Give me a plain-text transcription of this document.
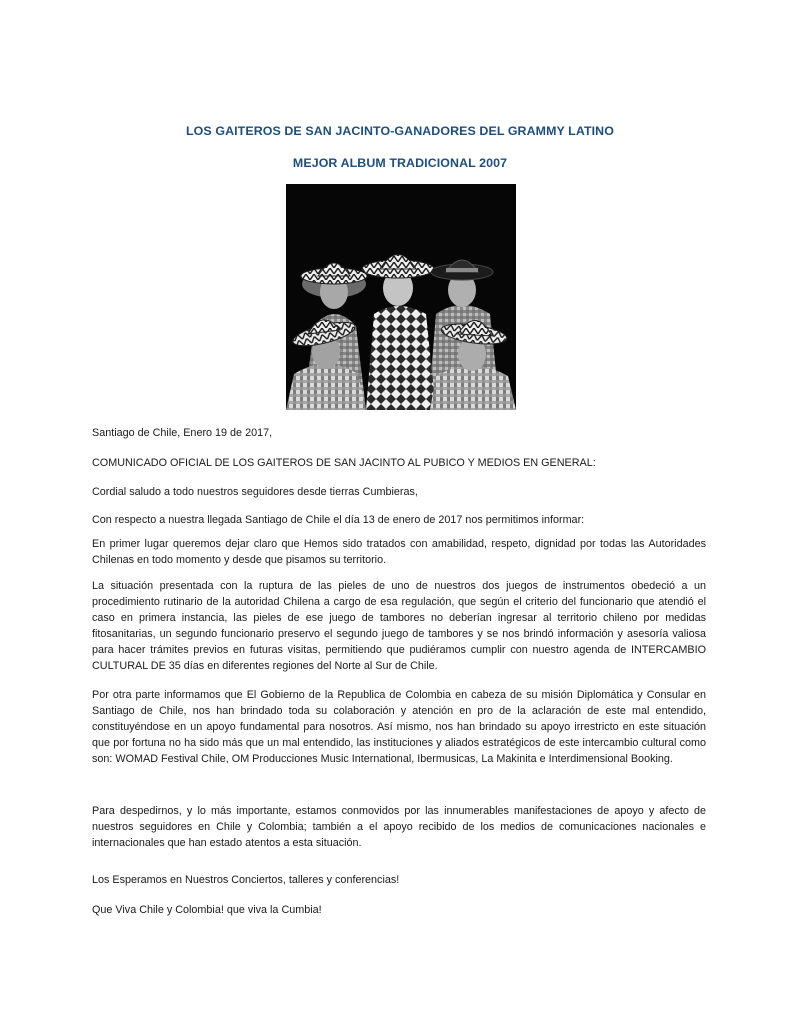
LOS GAITEROS DE SAN JACINTO-GANADORES DEL GRAMMY LATINO
MEJOR ALBUM TRADICIONAL 2007
Santiago de Chile, Enero 19 de 2017,
COMUNICADO OFICIAL DE LOS GAITEROS DE SAN JACINTO AL PUBICO Y MEDIOS EN GENERAL:
Cordial saludo a todo nuestros seguidores desde tierras Cumbieras,
Con respecto a nuestra llegada Santiago de Chile el día 13 de enero de 2017 nos permitimos informar:
En primer lugar queremos dejar claro que Hemos sido tratados con amabilidad, respeto, dignidad por todas las Autoridades Chilenas en todo momento y desde que pisamos su territorio.
La situación presentada con la ruptura de las pieles de uno de nuestros dos juegos de instrumentos obedeció a un procedimiento rutinario de la autoridad Chilena a cargo de esa regulación, que según el criterio del funcionario que atendió el caso en primera instancia, las pieles de ese juego de tambores no deberían ingresar al territorio chileno por medidas fitosanitarias, un segundo funcionario preservo el segundo juego de tambores y se nos brindó información y asesoría valiosa para hacer trámites previos en futuras visitas, permitiendo que pudiéramos cumplir con nuestro agenda de INTERCAMBIO CULTURAL DE 35 días en diferentes regiones del Norte al Sur de Chile.
Por otra parte informamos que El Gobierno de la Republica de Colombia en cabeza de su misión Diplomática y Consular en Santiago de Chile, nos han brindado toda su colaboración y atención en pro de la aclaración de este mal entendido, constituyéndose en un apoyo fundamental para nosotros. Así mismo, nos han brindado su apoyo irrestricto en este situación que por fortuna no ha sido más que un mal entendido, las instituciones y aliados estratégicos de este intercambio cultural como son: WOMAD Festival Chile, OM Producciones Music International, Ibermusicas, La Makinita e Interdimensional Booking.
Para despedirnos, y lo más importante, estamos conmovidos por las innumerables manifestaciones de apoyo y afecto de nuestros seguidores en Chile y Colombia; también a el apoyo recibido de los medios de comunicaciones nacionales e internacionales que han estado atentos a esta situación.
Los Esperamos en Nuestros Conciertos, talleres y conferencias!
Que Viva Chile y Colombia! que viva la Cumbia!
